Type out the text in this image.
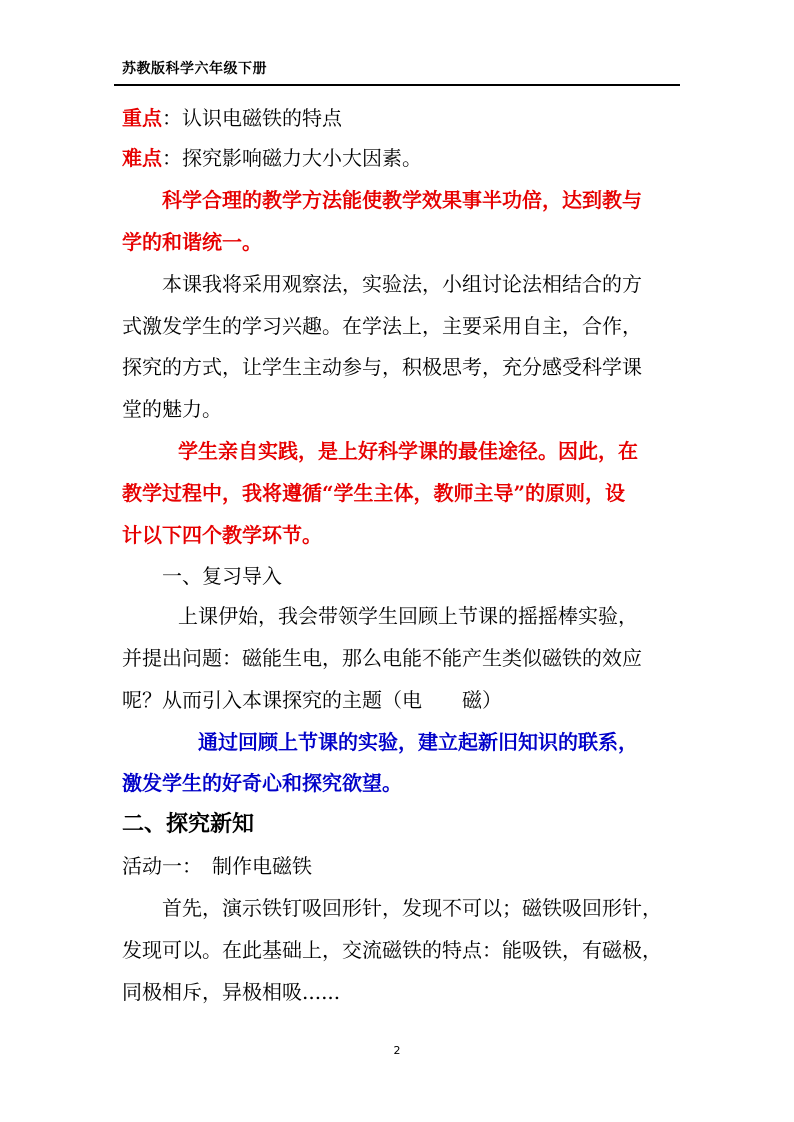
苏教版科学六年级下册
重点：认识电磁铁的特点
难点：探究影响磁力大小大因素。
科学合理的教学方法能使教学效果事半功倍，达到教与
学的和谐统一。
本课我将采用观察法，实验法，小组讨论法相结合的方
式激发学生的学习兴趣。在学法上，主要采用自主，合作，
探究的方式，让学生主动参与，积极思考，充分感受科学课
堂的魅力。
学生亲自实践，是上好科学课的最佳途径。因此，在
教学过程中，我将遵循“学生主体，教师主导”的原则，设
计以下四个教学环节。
一、复习导入
上课伊始，我会带领学生回顾上节课的摇摇棒实验，
并提出问题：磁能生电，那么电能不能产生类似磁铁的效应
呢？从而引入本课探究的主题（电　　磁）
通过回顾上节课的实验，建立起新旧知识的联系，
激发学生的好奇心和探究欲望。
二、探究新知
活动一：　制作电磁铁
首先，演示铁钉吸回形针，发现不可以；磁铁吸回形针，
发现可以。在此基础上，交流磁铁的特点：能吸铁，有磁极，
同极相斥，异极相吸......
2
